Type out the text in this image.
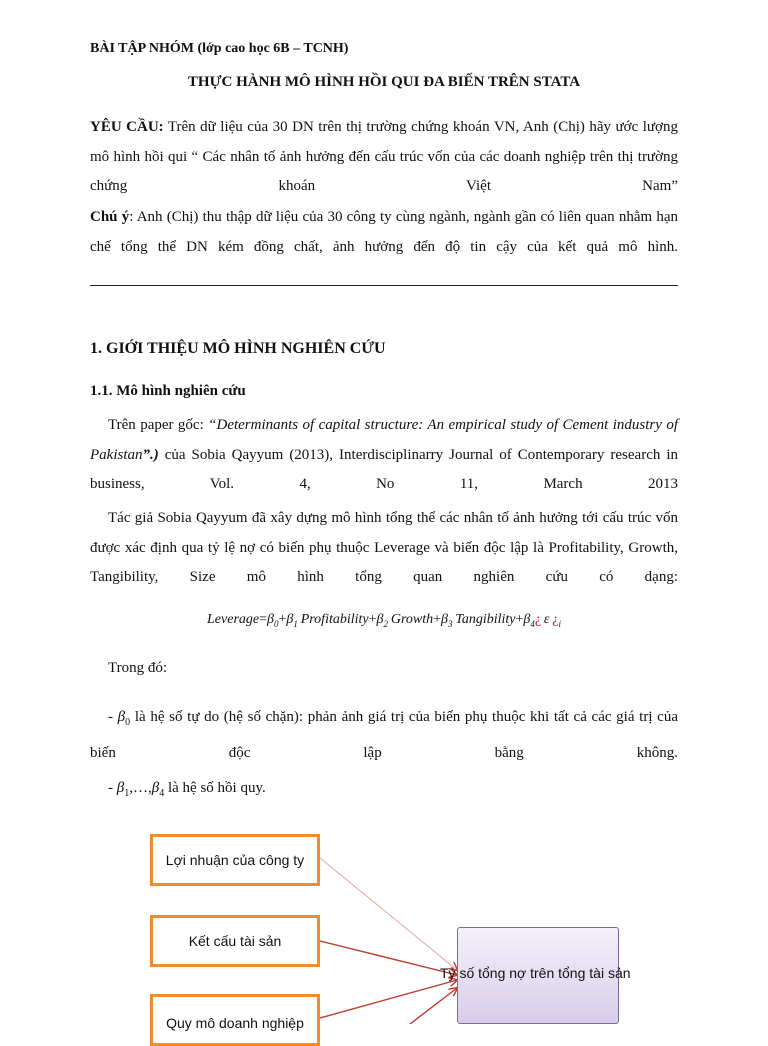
BÀI TẬP NHÓM (lớp cao học 6B – TCNH)
THỰC HÀNH MÔ HÌNH HỒI QUI ĐA BIẾN TRÊN STATA
YÊU CẦU: Trên dữ liệu của 30 DN trên thị trường chứng khoán VN, Anh (Chị) hãy ước lượng mô hình hồi qui “ Các nhân tố ảnh hưởng đến cấu trúc vốn của các doanh nghiệp trên thị trường chứng khoán Việt Nam”
Chú ý: Anh (Chị) thu thập dữ liệu của 30 công ty cùng ngành, ngành gần có liên quan nhằm hạn chế tổng thể DN kém đồng chất, ảnh hưởng đến độ tin cậy của kết quả mô hình.
1. GIỚI THIỆU MÔ HÌNH NGHIÊN CỨU
1.1. Mô hình nghiên cứu
Trên paper gốc: “Determinants of capital structure: An empirical study of Cement industry of Pakistan”.) của Sobia Qayyum (2013), Interdisciplinarry Journal of Contemporary research in business, Vol. 4, No 11, March 2013
Tác giả Sobia Qayyum đã xây dựng mô hình tổng thể các nhân tố ảnh hưởng tới cấu trúc vốn được xác định qua tỷ lệ nợ có biến phụ thuộc Leverage và biến độc lập là Profitability, Growth, Tangibility, Size mô hình tổng quan nghiên cứu có dạng:
$Leverage=\beta_0+\beta_1$  $Profitability+\beta_2$  $Growth+\beta_3$  $Tangibility+\beta_4¿$  ε  ¿$_i$
Trong đó:
- $\beta_0$ là hệ số tự do (hệ số chặn): phản ảnh giá trị của biến phụ thuộc khi tất cả các giá trị của biến độc lập bằng không.
- $\beta_1,\dots,\beta_4$ là hệ số hồi quy.
Lợi nhuận của công ty
Kết cấu tài sản
Quy mô doanh nghiệp
Tỷ số tổng nợ trên tổng tài sản
